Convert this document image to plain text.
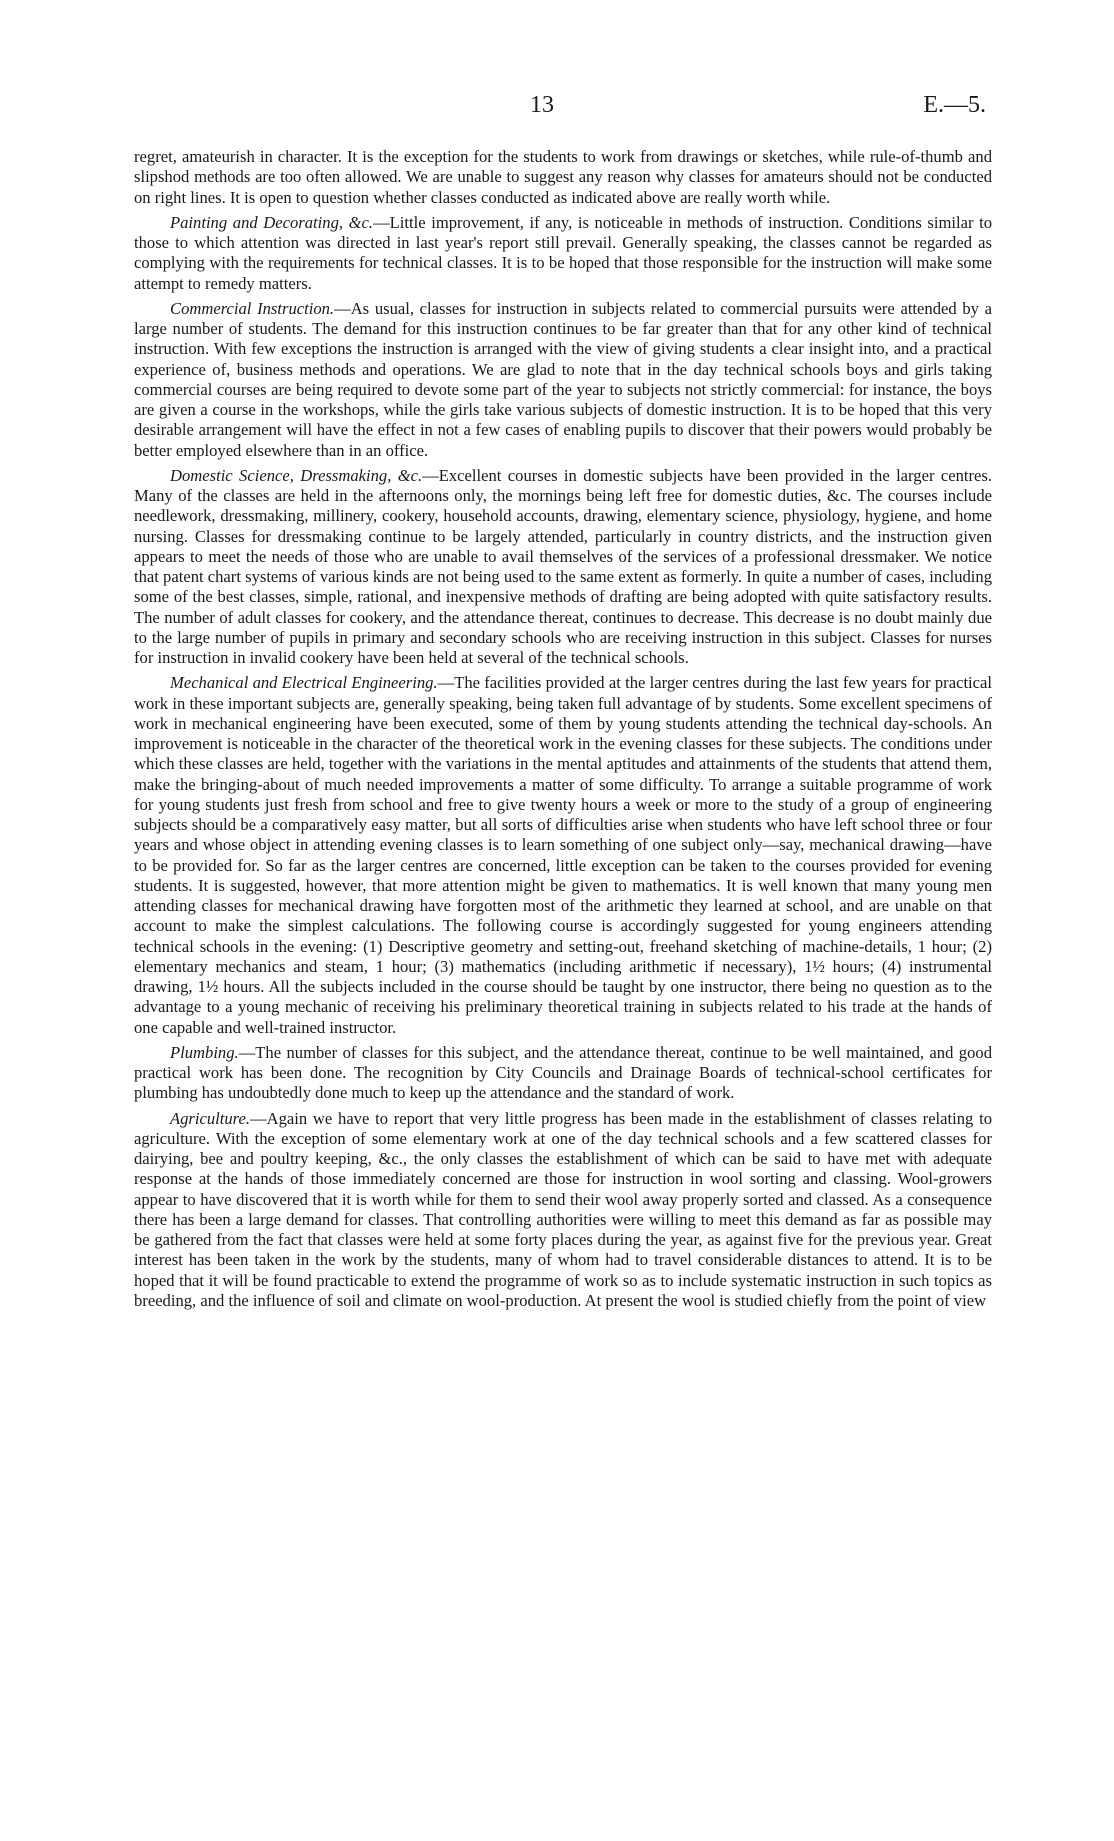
13	E.—5.

regret, amateurish in character. It is the exception for the students to work from drawings or sketches, while rule-of-thumb and slipshod methods are too often allowed. We are unable to suggest any reason why classes for amateurs should not be conducted on right lines. It is open to question whether classes conducted as indicated above are really worth while.

Painting and Decorating, &c.—Little improvement, if any, is noticeable in methods of instruction. Conditions similar to those to which attention was directed in last year's report still prevail. Generally speaking, the classes cannot be regarded as complying with the requirements for technical classes. It is to be hoped that those responsible for the instruction will make some attempt to remedy matters.

Commercial Instruction.—As usual, classes for instruction in subjects related to commercial pursuits were attended by a large number of students. The demand for this instruction continues to be far greater than that for any other kind of technical instruction. With few exceptions the instruction is arranged with the view of giving students a clear insight into, and a practical experience of, business methods and operations. We are glad to note that in the day technical schools boys and girls taking commercial courses are being required to devote some part of the year to subjects not strictly commercial: for instance, the boys are given a course in the workshops, while the girls take various subjects of domestic instruction. It is to be hoped that this very desirable arrangement will have the effect in not a few cases of enabling pupils to discover that their powers would probably be better employed elsewhere than in an office.

Domestic Science, Dressmaking, &c.—Excellent courses in domestic subjects have been provided in the larger centres. Many of the classes are held in the afternoons only, the mornings being left free for domestic duties, &c. The courses include needlework, dressmaking, millinery, cookery, household accounts, drawing, elementary science, physiology, hygiene, and home nursing. Classes for dressmaking continue to be largely attended, particularly in country districts, and the instruction given appears to meet the needs of those who are unable to avail themselves of the services of a professional dressmaker. We notice that patent chart systems of various kinds are not being used to the same extent as formerly. In quite a number of cases, including some of the best classes, simple, rational, and inexpensive methods of drafting are being adopted with quite satisfactory results. The number of adult classes for cookery, and the attendance thereat, continues to decrease. This decrease is no doubt mainly due to the large number of pupils in primary and secondary schools who are receiving instruction in this subject. Classes for nurses for instruction in invalid cookery have been held at several of the technical schools.

Mechanical and Electrical Engineering.—The facilities provided at the larger centres during the last few years for practical work in these important subjects are, generally speaking, being taken full advantage of by students. Some excellent specimens of work in mechanical engineering have been executed, some of them by young students attending the technical day-schools. An improvement is noticeable in the character of the theoretical work in the evening classes for these subjects. The conditions under which these classes are held, together with the variations in the mental aptitudes and attainments of the students that attend them, make the bringing-about of much needed improvements a matter of some difficulty. To arrange a suitable programme of work for young students just fresh from school and free to give twenty hours a week or more to the study of a group of engineering subjects should be a comparatively easy matter, but all sorts of difficulties arise when students who have left school three or four years and whose object in attending evening classes is to learn something of one subject only—say, mechanical drawing—have to be provided for. So far as the larger centres are concerned, little exception can be taken to the courses provided for evening students. It is suggested, however, that more attention might be given to mathematics. It is well known that many young men attending classes for mechanical drawing have forgotten most of the arithmetic they learned at school, and are unable on that account to make the simplest calculations. The following course is accordingly suggested for young engineers attending technical schools in the evening: (1) Descriptive geometry and setting-out, freehand sketching of machine-details, 1 hour; (2) elementary mechanics and steam, 1 hour; (3) mathematics (including arithmetic if necessary), 1½ hours; (4) instrumental drawing, 1½ hours. All the subjects included in the course should be taught by one instructor, there being no question as to the advantage to a young mechanic of receiving his preliminary theoretical training in subjects related to his trade at the hands of one capable and well-trained instructor.

Plumbing.—The number of classes for this subject, and the attendance thereat, continue to be well maintained, and good practical work has been done. The recognition by City Councils and Drainage Boards of technical-school certificates for plumbing has undoubtedly done much to keep up the attendance and the standard of work.

Agriculture.—Again we have to report that very little progress has been made in the establishment of classes relating to agriculture. With the exception of some elementary work at one of the day technical schools and a few scattered classes for dairying, bee and poultry keeping, &c., the only classes the establishment of which can be said to have met with adequate response at the hands of those immediately concerned are those for instruction in wool sorting and classing. Wool-growers appear to have discovered that it is worth while for them to send their wool away properly sorted and classed. As a consequence there has been a large demand for classes. That controlling authorities were willing to meet this demand as far as possible may be gathered from the fact that classes were held at some forty places during the year, as against five for the previous year. Great interest has been taken in the work by the students, many of whom had to travel considerable distances to attend. It is to be hoped that it will be found practicable to extend the programme of work so as to include systematic instruction in such topics as breeding, and the influence of soil and climate on wool-production. At present the wool is studied chiefly from the point of view
